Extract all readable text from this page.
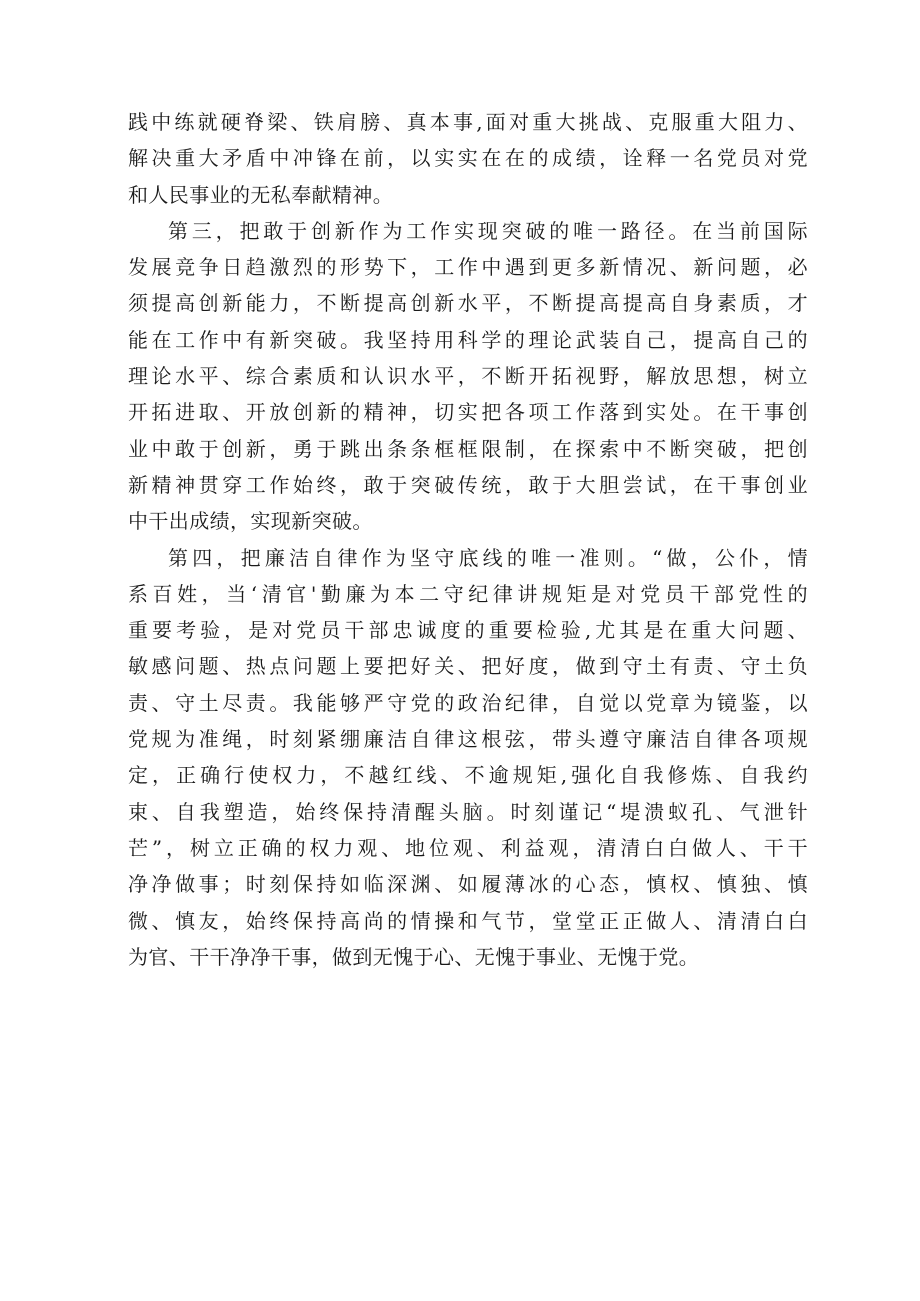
践中练就硬脊梁、铁肩膀、真本事,面对重大挑战、克服重大阻力、
解决重大矛盾中冲锋在前，以实实在在的成绩，诠释一名党员对党
和人民事业的无私奉献精神。
第三，把敢于创新作为工作实现突破的唯一路径。在当前国际
发展竞争日趋激烈的形势下，工作中遇到更多新情况、新问题，必
须提高创新能力，不断提高创新水平，不断提高提高自身素质，才
能在工作中有新突破。我坚持用科学的理论武装自己，提高自己的
理论水平、综合素质和认识水平，不断开拓视野，解放思想，树立
开拓进取、开放创新的精神，切实把各项工作落到实处。在干事创
业中敢于创新，勇于跳出条条框框限制，在探索中不断突破，把创
新精神贯穿工作始终，敢于突破传统，敢于大胆尝试，在干事创业
中干出成绩，实现新突破。
第四，把廉洁自律作为坚守底线的唯一准则。“做，公仆，情
系百姓，当‘清官'勤廉为本二守纪律讲规矩是对党员干部党性的
重要考验，是对党员干部忠诚度的重要检验,尤其是在重大问题、
敏感问题、热点问题上要把好关、把好度，做到守土有责、守土负
责、守土尽责。我能够严守党的政治纪律，自觉以党章为镜鉴，以
党规为准绳，时刻紧绷廉洁自律这根弦，带头遵守廉洁自律各项规
定，正确行使权力，不越红线、不逾规矩,强化自我修炼、自我约
束、自我塑造，始终保持清醒头脑。时刻谨记“堤溃蚁孔、气泄针
芒”，树立正确的权力观、地位观、利益观，清清白白做人、干干
净净做事；时刻保持如临深渊、如履薄冰的心态，慎权、慎独、慎
微、慎友，始终保持高尚的情操和气节，堂堂正正做人、清清白白
为官、干干净净干事，做到无愧于心、无愧于事业、无愧于党。
